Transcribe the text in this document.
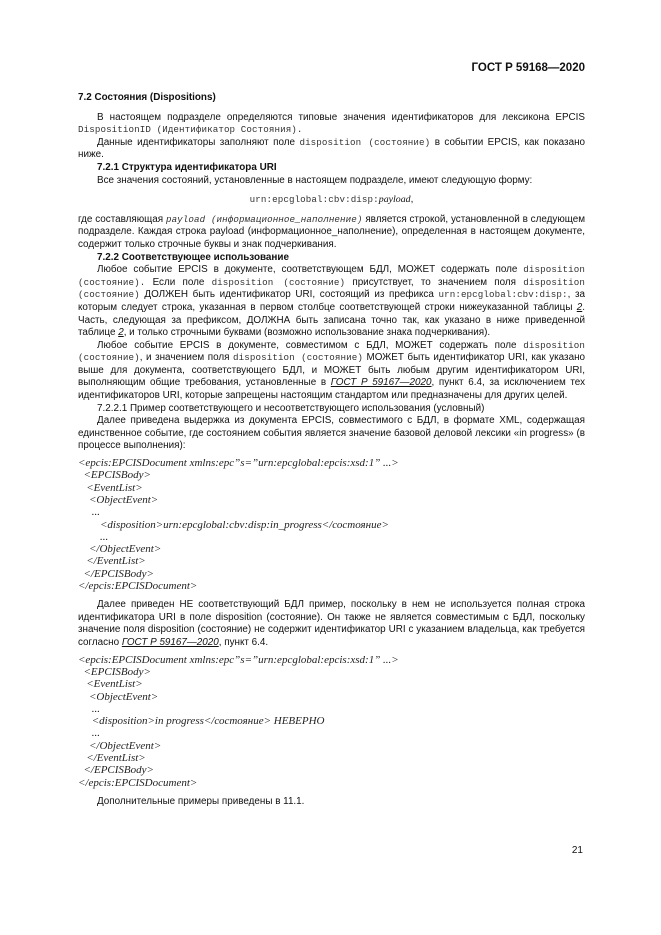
ГОСТ Р 59168—2020

7.2 Состояния (Dispositions)

В настоящем подразделе определяются типовые значения идентификаторов для лексикона EPCIS DispositionID (Идентификатор Состояния).

Данные идентификаторы заполняют поле disposition (состояние) в событии EPCIS, как показано ниже.

7.2.1 Структура идентификатора URI

Все значения состояний, установленные в настоящем подразделе, имеют следующую форму:

urn:epcglobal:cbv:disp:payload,

где составляющая payload (информационное_наполнение) является строкой, установленной в следующем подразделе. Каждая строка payload (информационное_наполнение), определенная в настоящем документе, содержит только строчные буквы и знак подчеркивания.

7.2.2 Соответствующее использование

Любое событие EPCIS в документе, соответствующем БДЛ, МОЖЕТ содержать поле disposition (состояние). Если поле disposition (состояние) присутствует, то значением поля disposition (состояние) ДОЛЖЕН быть идентификатор URI, состоящий из префикса urn:epcglobal:cbv:disp:, за которым следует строка, указанная в первом столбце соответствующей строки нижеуказанной таблицы 2. Часть, следующая за префиксом, ДОЛЖНА быть записана точно так, как указано в ниже приведенной таблице 2, и только строчными буквами (возможно использование знака подчеркивания).

Любое событие EPCIS в документе, совместимом с БДЛ, МОЖЕТ содержать поле disposition (состояние), и значением поля disposition (состояние) МОЖЕТ быть идентификатор URI, как указано выше для документа, соответствующего БДЛ, и МОЖЕТ быть любым другим идентификатором URI, выполняющим общие требования, установленные в ГОСТ Р 59167—2020, пункт 6.4, за исключением тех идентификаторов URI, которые запрещены настоящим стандартом или предназначены для других целей.

7.2.2.1 Пример соответствующего и несоответствующего использования (условный)

Далее приведена выдержка из документа EPCIS, совместимого с БДЛ, в формате XML, содержащая единственное событие, где состоянием события является значение базовой деловой лексики «in progress» (в процессе выполнения):

<epcis:EPCISDocument xmlns:epc”s=”urn:epcglobal:epcis:xsd:1” ...>
<EPCISBody>
<EventList>
<ObjectEvent>
...
<disposition>urn:epcglobal:cbv:disp:in_progress</состояние>
...
</ObjectEvent>
</EventList>
</EPCISBody>
</epcis:EPCISDocument>

Далее приведен НЕ соответствующий БДЛ пример, поскольку в нем не используется полная строка идентификатора URI в поле disposition (состояние). Он также не является совместимым с БДЛ, поскольку значение поля disposition (состояние) не содержит идентификатор URI с указанием владельца, как требуется согласно ГОСТ Р 59167—2020, пункт 6.4.

<epcis:EPCISDocument xmlns:epc”s=”urn:epcglobal:epcis:xsd:1” ...>
<EPCISBody>
<EventList>
<ObjectEvent>
...
<disposition>in progress</состояние> НЕВЕРНО
...
</ObjectEvent>
</EventList>
</EPCISBody>
</epcis:EPCISDocument>

Дополнительные примеры приведены в 11.1.

21
